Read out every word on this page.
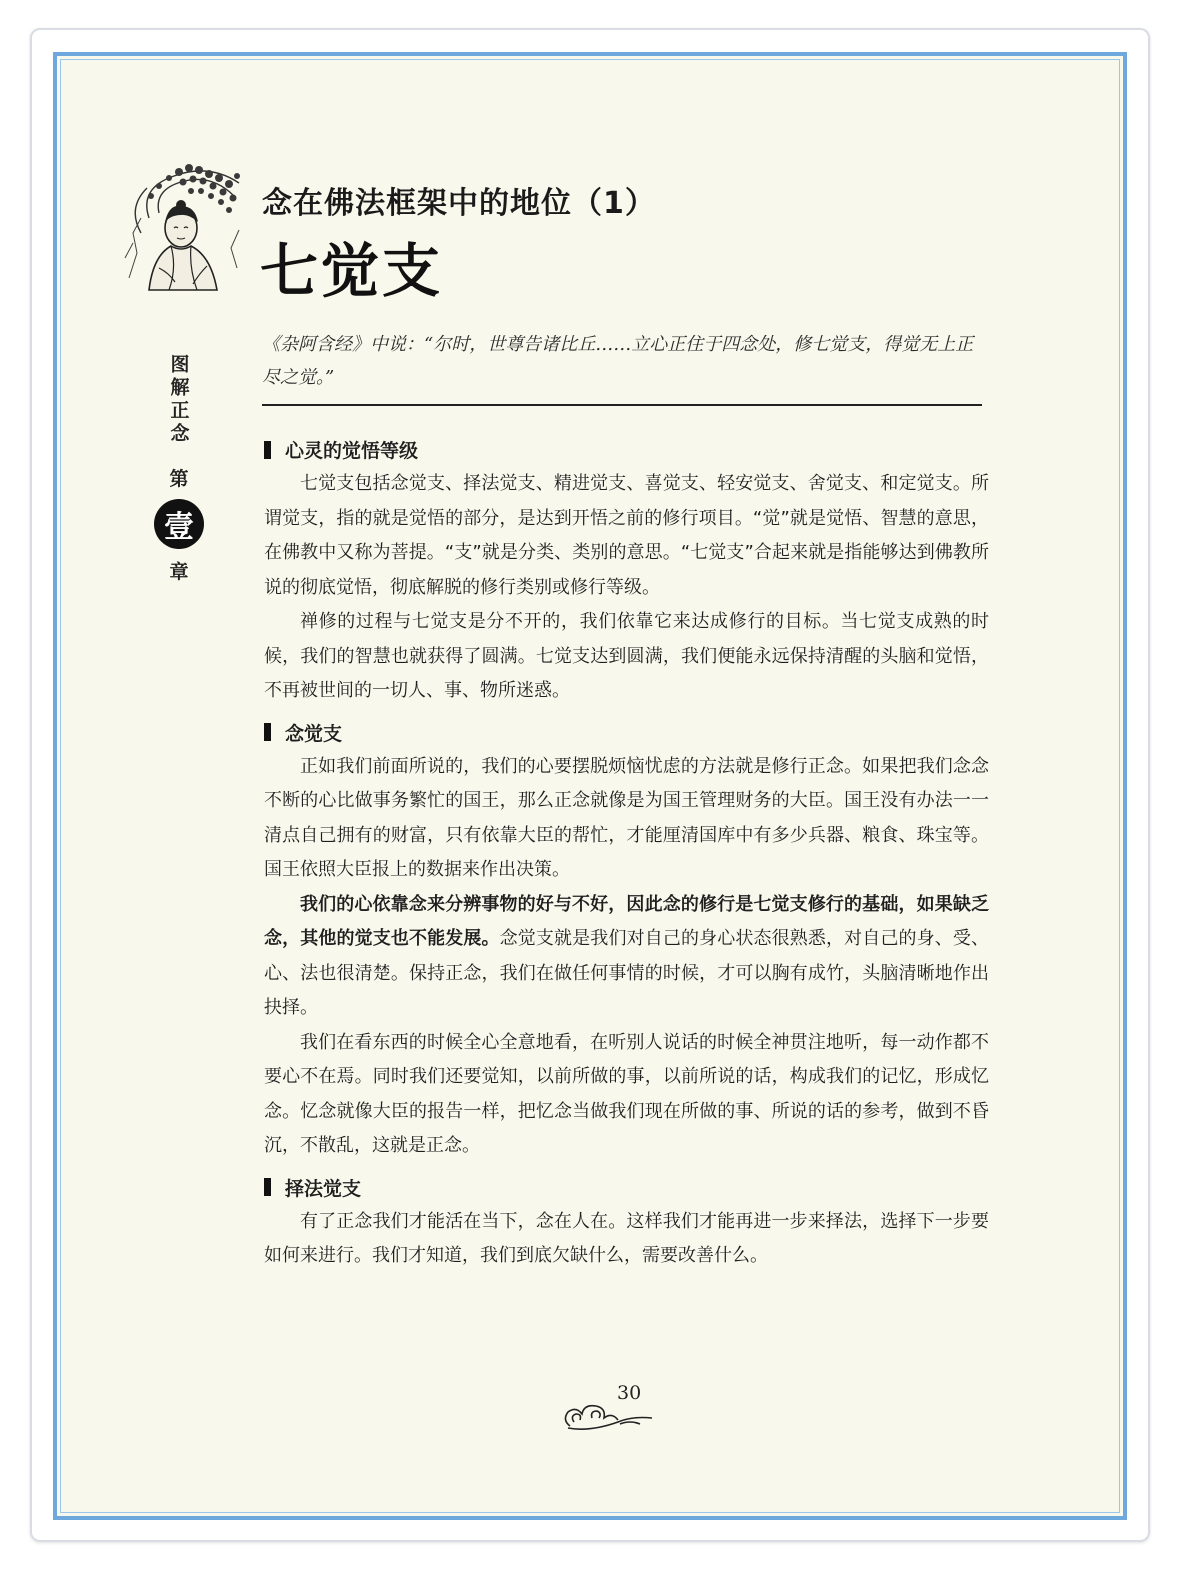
念在佛法框架中的地位（1）
七觉支
图解正念
第
壹
章

《杂阿含经》中说：“尔时，世尊告诸比丘……立心正住于四念处，修七觉支，得觉无上正尽之觉。”

心灵的觉悟等级

七觉支包括念觉支、择法觉支、精进觉支、喜觉支、轻安觉支、舍觉支、和定觉支。所谓觉支，指的就是觉悟的部分，是达到开悟之前的修行项目。“觉”就是觉悟、智慧的意思，在佛教中又称为菩提。“支”就是分类、类别的意思。“七觉支”合起来就是指能够达到佛教所说的彻底觉悟，彻底解脱的修行类别或修行等级。

禅修的过程与七觉支是分不开的，我们依靠它来达成修行的目标。当七觉支成熟的时候，我们的智慧也就获得了圆满。七觉支达到圆满，我们便能永远保持清醒的头脑和觉悟，不再被世间的一切人、事、物所迷惑。

念觉支

正如我们前面所说的，我们的心要摆脱烦恼忧虑的方法就是修行正念。如果把我们念念不断的心比做事务繁忙的国王，那么正念就像是为国王管理财务的大臣。国王没有办法一一清点自己拥有的财富，只有依靠大臣的帮忙，才能厘清国库中有多少兵器、粮食、珠宝等。国王依照大臣报上的数据来作出决策。

我们的心依靠念来分辨事物的好与不好，因此念的修行是七觉支修行的基础，如果缺乏念，其他的觉支也不能发展。念觉支就是我们对自己的身心状态很熟悉，对自己的身、受、心、法也很清楚。保持正念，我们在做任何事情的时候，才可以胸有成竹，头脑清晰地作出抉择。

我们在看东西的时候全心全意地看，在听别人说话的时候全神贯注地听，每一动作都不要心不在焉。同时我们还要觉知，以前所做的事，以前所说的话，构成我们的记忆，形成忆念。忆念就像大臣的报告一样，把忆念当做我们现在所做的事、所说的话的参考，做到不昏沉，不散乱，这就是正念。

择法觉支

有了正念我们才能活在当下，念在人在。这样我们才能再进一步来择法，选择下一步要如何来进行。我们才知道，我们到底欠缺什么，需要改善什么。

30
